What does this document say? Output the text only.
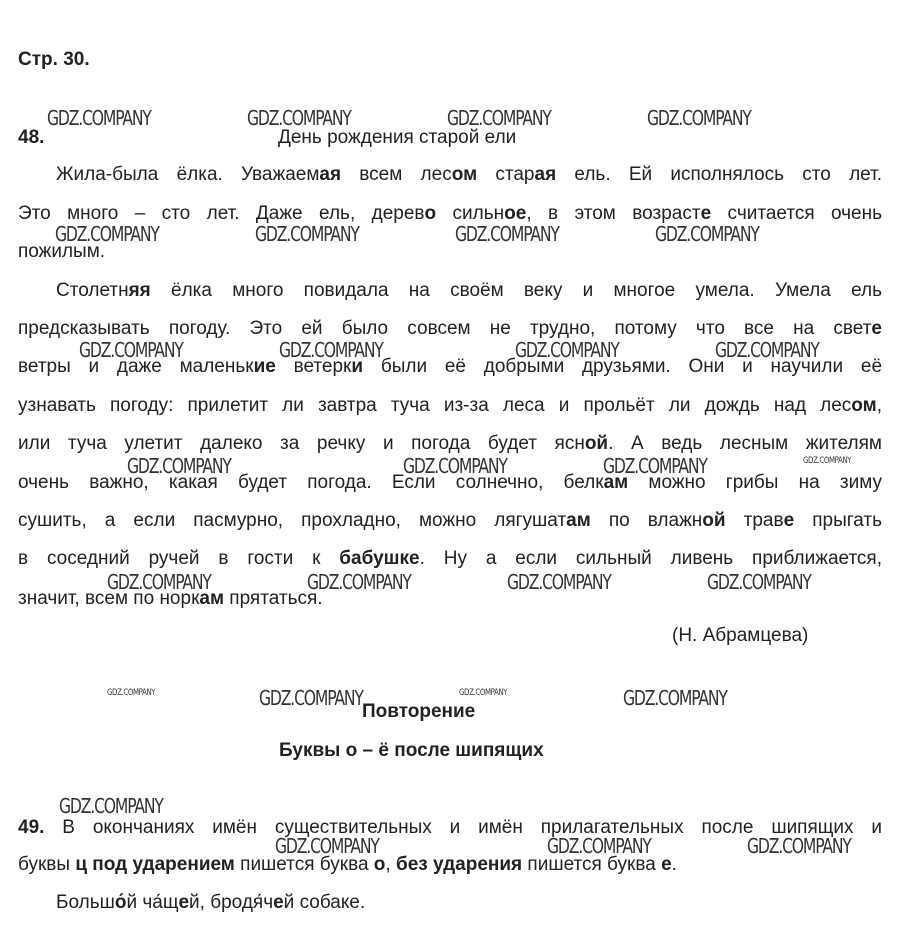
Стр. 30.
48.	День рождения старой ели
Жила-была ёлка. Уважаемая всем лесом старая ель. Ей исполнялось сто лет.
Это много – сто лет. Даже ель, дерево сильное, в этом возрасте считается очень
пожилым.
Столетняя ёлка много повидала на своём веку и многое умела. Умела ель
предсказывать погоду. Это ей было совсем не трудно, потому что все на свете
ветры и даже маленькие ветерки были её добрыми друзьями. Они и научили её
узнавать погоду: прилетит ли завтра туча из-за леса и прольёт ли дождь над лесом,
или туча улетит далеко за речку и погода будет ясной. А ведь лесным жителям
очень важно, какая будет погода. Если солнечно, белкам можно грибы на зиму
сушить, а если пасмурно, прохладно, можно лягушатам по влажной траве прыгать
в соседний ручей в гости к бабушке. Ну а если сильный ливень приближается,
значит, всем по норкам прятаться.
(Н. Абрамцева)
Повторение
Буквы о – ё после шипящих
49. В окончаниях имён существительных и имён прилагательных после шипящих и
буквы ц под ударением пишется буква о, без ударения пишется буква е.
Большо́й ча́щей, бродя́чей собаке.
GDZ.COMPANY	GDZ.COMPANY	GDZ.COMPANY	GDZ.COMPANY
GDZ.COMPANY	GDZ.COMPANY	GDZ.COMPANY	GDZ.COMPANY
GDZ.COMPANY	GDZ.COMPANY	GDZ.COMPANY	GDZ.COMPANY
GDZ.COMPANY	GDZ.COMPANY	GDZ.COMPANY	GDZ.COMPANY
GDZ.COMPANY	GDZ.COMPANY	GDZ.COMPANY	GDZ.COMPANY
GDZ.COMPANY	GDZ.COMPANY	GDZ.COMPANY	GDZ.COMPANY
GDZ.COMPANY
GDZ.COMPANY	GDZ.COMPANY
GDZ.COMPANY
